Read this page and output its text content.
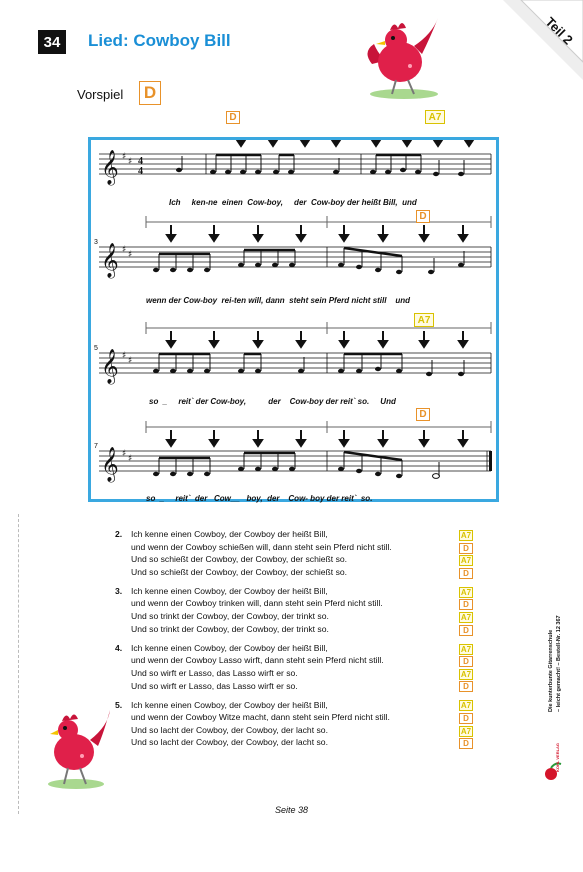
34 Lied: Cowboy Bill	Teil 2
Vorspiel D
D	A7
𝄞
𝄞
𝄞
𝄞
♯ ♯
♯ ♯
♯ ♯
♯ ♯
4
4
3
5
7
D
A7
D
Ich     ken-ne  einen  Cow-boy,     der  Cow-boy der heißt Bill,  und
wenn der Cow-boy  rei-ten will, dann  steht sein Pferd nicht still    und
so  _     reit` der Cow-boy,          der    Cow-boy der reit` so.     Und
so  _     reit`  der   Cow__   boy,  der    Cow- boy der reit`  so.
2.	Ich kenne einen Cowboy, der Cowboy der heißt Bill,
und wenn der Cowboy schießen will, dann steht sein Pferd nicht still.
Und so schießt der Cowboy, der Cowboy, der schießt so.
Und so schießt der Cowboy, der Cowboy, der schießt so.
3.	Ich kenne einen Cowboy, der Cowboy der heißt Bill,
und wenn der Cowboy trinken will, dann steht sein Pferd nicht still.
Und so trinkt der Cowboy, der Cowboy, der trinkt so.
Und so trinkt der Cowboy, der Cowboy, der trinkt so.
4.	Ich kenne einen Cowboy, der Cowboy der heißt Bill,
und wenn der Cowboy Lasso wirft, dann steht sein Pferd nicht still.
Und so wirft er Lasso, das Lasso wirft er so.
Und so wirft er Lasso, das Lasso wirft er so.
5.	Ich kenne einen Cowboy, der Cowboy der heißt Bill,
und wenn der Cowboy Witze macht, dann steht sein Pferd nicht still.
Und so lacht der Cowboy, der Cowboy, der lacht so.
Und so lacht der Cowboy, der Cowboy, der lacht so.
A7
D
A7
D
A7
D
A7
D
A7
D
A7
D
A7
D
A7
D
Die kunterbunte Gitarrenschule – leicht gemacht! – Bestell-Nr. 12 367
KOHL VERLAG
Seite 38
